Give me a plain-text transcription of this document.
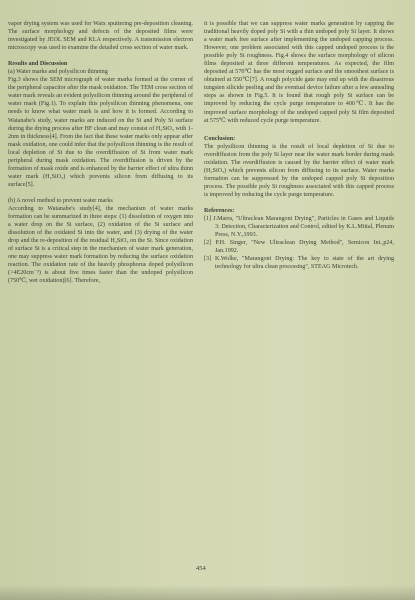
vapor drying system was used for Waix sputtering pre-deposition cleaning. The surface morphology and defects of the deposited films were investigated by JEOL SEM and KLA respectively. A transmission electron microscopy was used to examine the detailed cross section of water mark.

Results and Discussion

(a) Water marks and polysilicon thinning

Fig.3 shows the SEM micrograph of water marks formed at the corner of the peripheral capacitor after the mask oxidation. The TEM cross section of water mark reveals an evident polysilicon thinning around the peripheral of water mark (Fig.1). To explain this polysilicon thinning phenomena, one needs to know what water mark is and how it is formed. According to Watanabe's study, water marks are induced on the Si and Poly Si surface during the drying process after HF clean and may consist of H₂SiO₃ with 1-2nm in thickness[4]. From the fact that these water marks only appear after mask oxidation, one could infer that the polysilicon thinning is the result of local depletion of Si due to the overdiffusion of Si from water mark peripheral during mask oxidation. The overdiffusion is driven by the formation of mask oxide and is enhanced by the barrier effect of ultra thinn water mark (H₂SiO₃) which prevents silicon from diffusing to its surface[5].

(b) A novel method to prevent water marks

According to Watanabe's study[4], the mechanism of water marks formation can be summarized in three steps: (1) dissolution of oxygen into a water drop on the Si surface, (2) oxidation of the Si surface and dissolution of the oxidated Si into the water, and (3) drying of the water drop and the re-deposition of the residual H₂SiO₃ on the Si. Since oxidation of surface Si is a critical step in the mechanism of water mark generation, one may suppress water mark formation by reducing the surface oxidation reaction. The oxidation rate of the heavily phosphorus doped polysilicon (>4E20cm⁻³) is about five times faster than the undoped polysilicon (750℃, wet oxidation)[6]. Therefore,

it is possible that we can suppress water marks generation by capping the traditional heavily doped poly Si with a thin undoped poly Si layer. It shows a water mark free surface after implementing the undoped capping process. However, one problem associated with this capped undoped process is the possible poly Si roughness. Fig.4 shows the surface morphology of silicon films deposited at three different temperatures. As expected, the film deposited at 570℃ has the most rugged surface and the smoothest surface is obtained at 550℃[7]. A rough polycide gate may end up with the disastrous tungsten silicide peeling and the eventual device failure after a few annealing steps as shown in Fig.5. It is found that rough poly Si surface can be improved by reducing the cycle purge temperature to 400℃. It has the improved surface morphology of the undoped capped poly Si film deposited at 575℃ with reduced cycle purge temperature.

Conclusion:

The polysilicon thinning is the result of local depletion of Si due to overdiffusion from the poly Si layer near the water mark border during mask oxidation. The overdiffusion is caused by the barrier effect of water mark (H₂SiO₃) which prevents silicon from diffusing to its surface. Water marks formation can be suppressed by the undoped capped poly Si deposition process. The possible poly Si roughness associated with this capped process is improved by reducing the cycle purge temperature.

References:

[1] J.Marra, "Ultraclean Marangoni Drying", Particles in Gases and Liquids 3: Detection, Characterization and Control, edited by K.L.Mittal, Plenum Press, N.Y.,1993.

[2] P.H. Singer, "New Ultraclean Drying Method", Semicon Int.,p24, Jan.1992.

[3] K.Wolke, "Marangoni Drying: The key to state of the art drying technology for ultra clean processing", STEAG Microtech.

454
